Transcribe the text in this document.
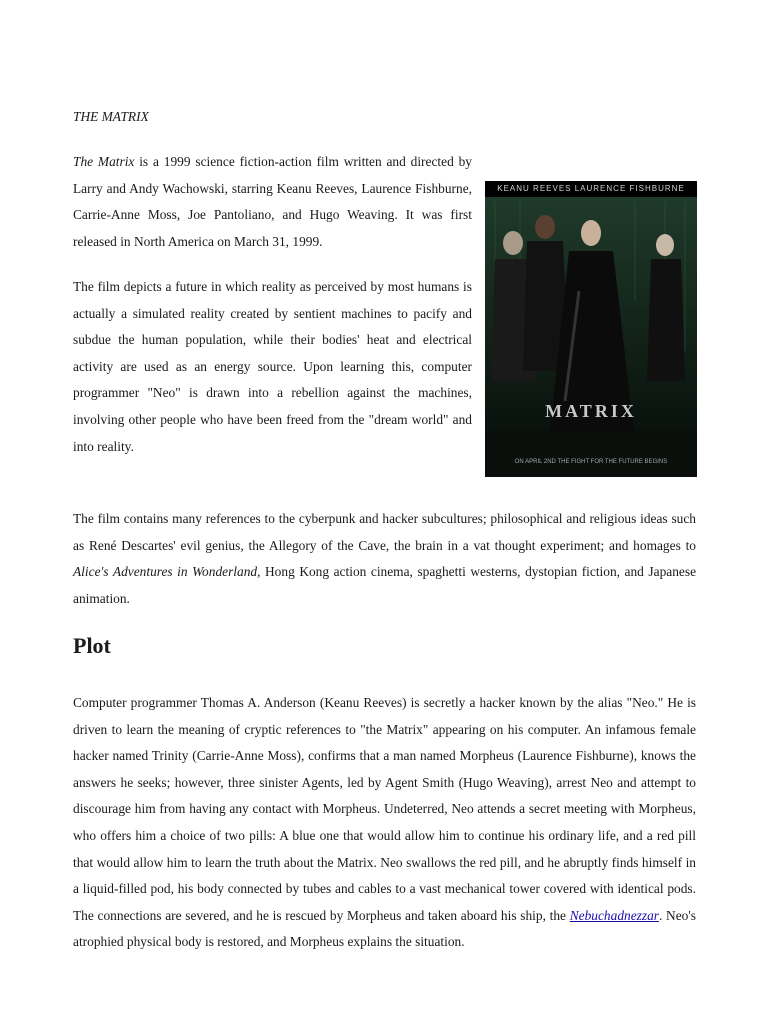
THE MATRIX

The Matrix is a 1999 science fiction-action film written and directed by Larry and Andy Wachowski, starring Keanu Reeves, Laurence Fishburne, Carrie-Anne Moss, Joe Pantoliano, and Hugo Weaving. It was first released in North America on March 31, 1999.

The film depicts a future in which reality as perceived by most humans is actually a simulated reality created by sentient machines to pacify and subdue the human population, while their bodies' heat and electrical activity are used as an energy source. Upon learning this, computer programmer "Neo" is drawn into a rebellion against the machines, involving other people who have been freed from the "dream world" and into reality.

KEANU REEVES LAURENCE FISHBURNE
MATRIX
ON APRIL 2ND THE FIGHT FOR THE FUTURE BEGINS

The film contains many references to the cyberpunk and hacker subcultures; philosophical and religious ideas such as René Descartes' evil genius, the Allegory of the Cave, the brain in a vat thought experiment; and homages to Alice's Adventures in Wonderland, Hong Kong action cinema, spaghetti westerns, dystopian fiction, and Japanese animation.

Plot

Computer programmer Thomas A. Anderson (Keanu Reeves) is secretly a hacker known by the alias "Neo." He is driven to learn the meaning of cryptic references to "the Matrix" appearing on his computer. An infamous female hacker named Trinity (Carrie-Anne Moss), confirms that a man named Morpheus (Laurence Fishburne), knows the answers he seeks; however, three sinister Agents, led by Agent Smith (Hugo Weaving), arrest Neo and attempt to discourage him from having any contact with Morpheus. Undeterred, Neo attends a secret meeting with Morpheus, who offers him a choice of two pills: A blue one that would allow him to continue his ordinary life, and a red pill that would allow him to learn the truth about the Matrix. Neo swallows the red pill, and he abruptly finds himself in a liquid-filled pod, his body connected by tubes and cables to a vast mechanical tower covered with identical pods. The connections are severed, and he is rescued by Morpheus and taken aboard his ship, the Nebuchadnezzar. Neo's atrophied physical body is restored, and Morpheus explains the situation.
